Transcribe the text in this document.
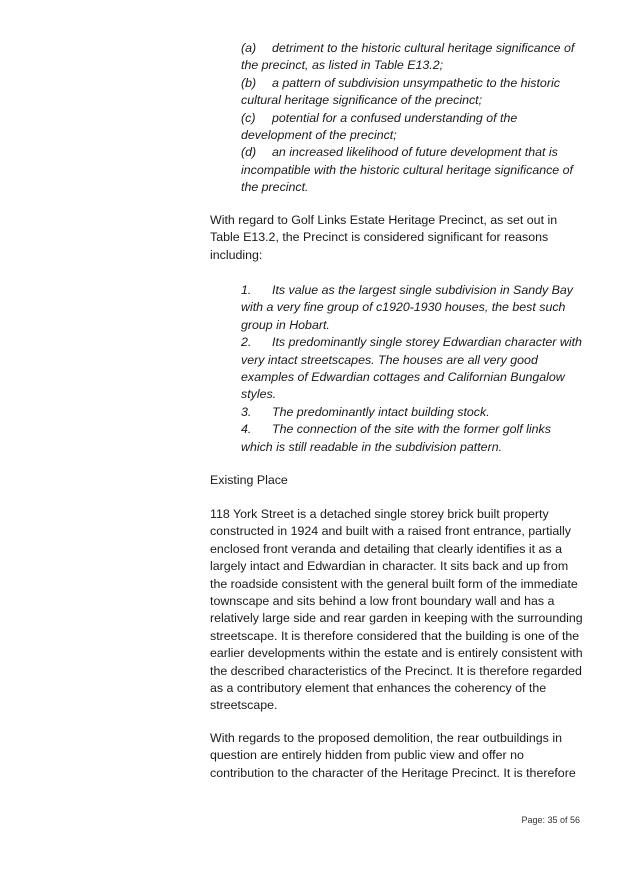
(a) detriment to the historic cultural heritage significance of the precinct, as listed in Table E13.2;

(b) a pattern of subdivision unsympathetic to the historic cultural heritage significance of the precinct;

(c) potential for a confused understanding of the development of the precinct;

(d) an increased likelihood of future development that is incompatible with the historic cultural heritage significance of the precinct.

With regard to Golf Links Estate Heritage Precinct, as set out in Table E13.2, the Precinct is considered significant for reasons including:

1. Its value as the largest single subdivision in Sandy Bay with a very fine group of c1920-1930 houses, the best such group in Hobart.

2. Its predominantly single storey Edwardian character with very intact streetscapes. The houses are all very good examples of Edwardian cottages and Californian Bungalow styles.

3. The predominantly intact building stock.

4. The connection of the site with the former golf links which is still readable in the subdivision pattern.

Existing Place

118 York Street is a detached single storey brick built property constructed in 1924 and built with a raised front entrance, partially enclosed front veranda and detailing that clearly identifies it as a largely intact and Edwardian in character. It sits back and up from the roadside consistent with the general built form of the immediate townscape and sits behind a low front boundary wall and has a relatively large side and rear garden in keeping with the surrounding streetscape. It is therefore considered that the building is one of the earlier developments within the estate and is entirely consistent with the described characteristics of the Precinct. It is therefore regarded as a contributory element that enhances the coherency of the streetscape.

With regards to the proposed demolition, the rear outbuildings in question are entirely hidden from public view and offer no contribution to the character of the Heritage Precinct. It is therefore

Page: 35 of 56
